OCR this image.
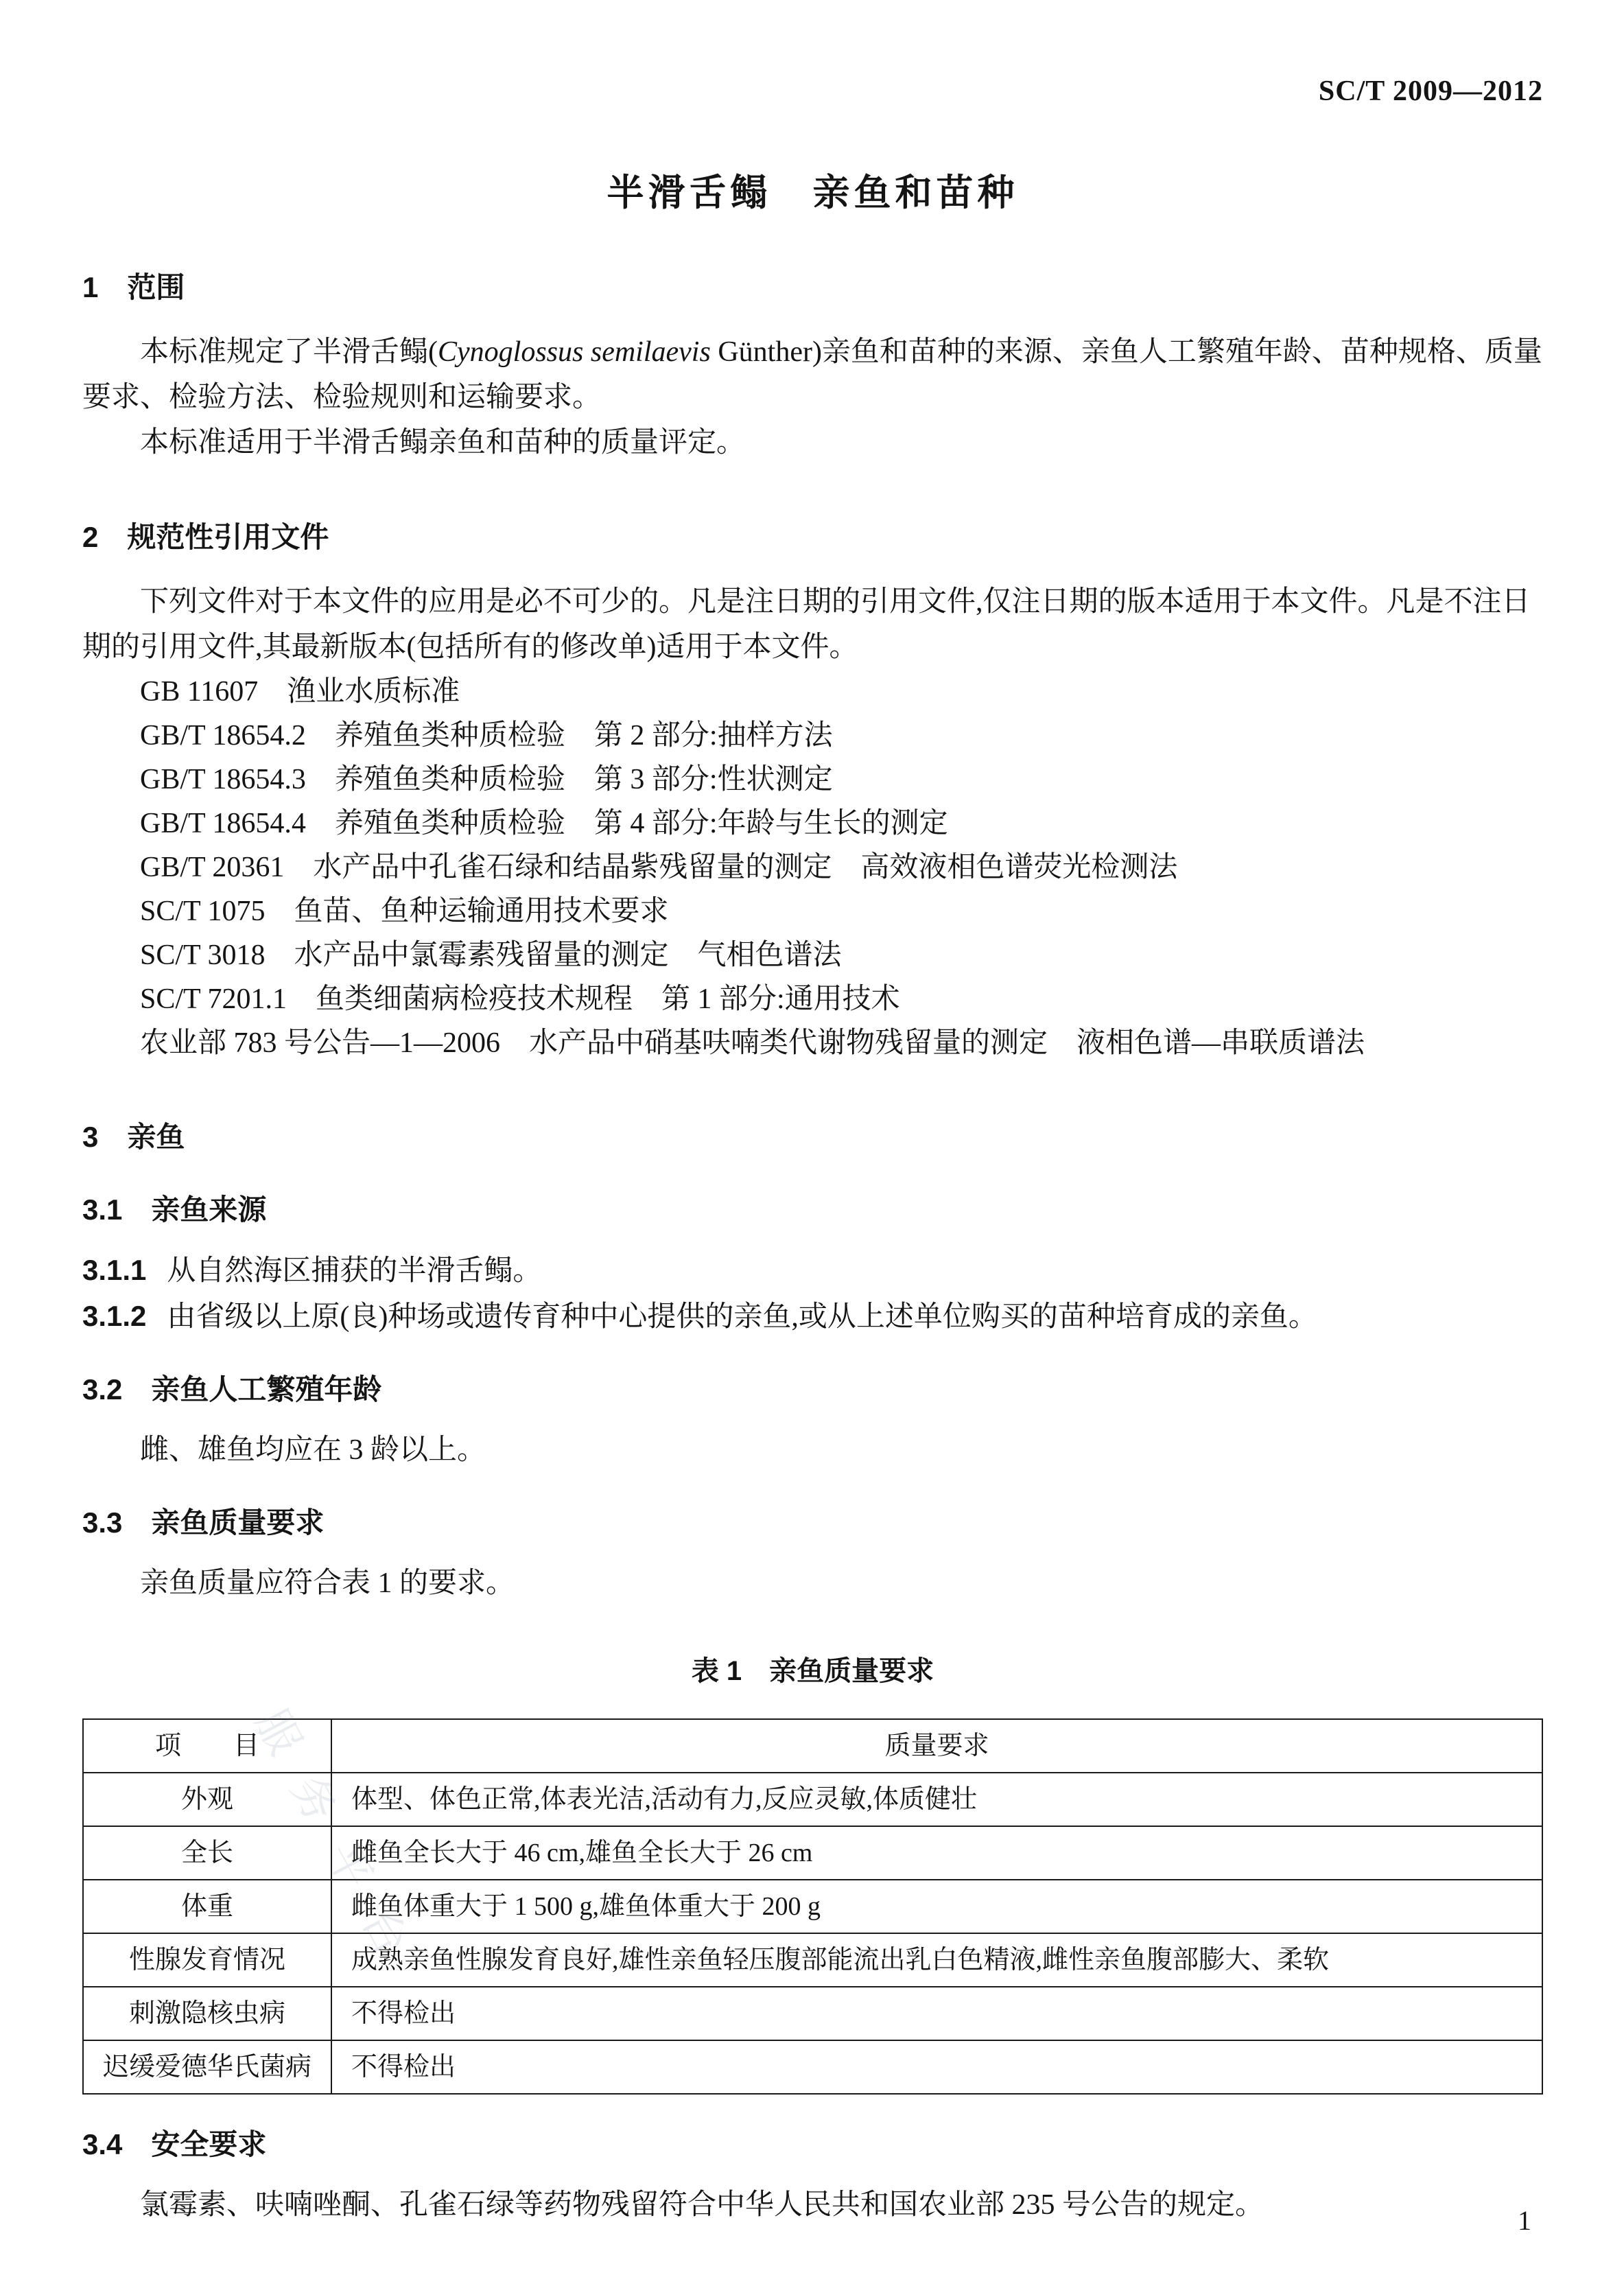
服务平台
SC/T 2009—2012
半滑舌鳎　亲鱼和苗种
1　范围

本标准规定了半滑舌鳎(Cynoglossus semilaevis Günther)亲鱼和苗种的来源、亲鱼人工繁殖年龄、苗种规格、质量要求、检验方法、检验规则和运输要求。

本标准适用于半滑舌鳎亲鱼和苗种的质量评定。

2　规范性引用文件

下列文件对于本文件的应用是必不可少的。凡是注日期的引用文件,仅注日期的版本适用于本文件。凡是不注日期的引用文件,其最新版本(包括所有的修改单)适用于本文件。

GB 11607　渔业水质标准

GB/T 18654.2　养殖鱼类种质检验　第 2 部分:抽样方法

GB/T 18654.3　养殖鱼类种质检验　第 3 部分:性状测定

GB/T 18654.4　养殖鱼类种质检验　第 4 部分:年龄与生长的测定

GB/T 20361　水产品中孔雀石绿和结晶紫残留量的测定　高效液相色谱荧光检测法

SC/T 1075　鱼苗、鱼种运输通用技术要求

SC/T 3018　水产品中氯霉素残留量的测定　气相色谱法

SC/T 7201.1　鱼类细菌病检疫技术规程　第 1 部分:通用技术

农业部 783 号公告—1—2006　水产品中硝基呋喃类代谢物残留量的测定　液相色谱—串联质谱法

3　亲鱼
3.1　亲鱼来源

3.1.1 从自然海区捕获的半滑舌鳎。

3.1.2 由省级以上原(良)种场或遗传育种中心提供的亲鱼,或从上述单位购买的苗种培育成的亲鱼。

3.2　亲鱼人工繁殖年龄

雌、雄鱼均应在 3 龄以上。

3.3　亲鱼质量要求

亲鱼质量应符合表 1 的要求。

表 1　亲鱼质量要求
项　　目	质量要求
外观	体型、体色正常,体表光洁,活动有力,反应灵敏,体质健壮
全长	雌鱼全长大于 46 cm,雄鱼全长大于 26 cm
体重	雌鱼体重大于 1 500 g,雄鱼体重大于 200 g
性腺发育情况	成熟亲鱼性腺发育良好,雄性亲鱼轻压腹部能流出乳白色精液,雌性亲鱼腹部膨大、柔软
刺激隐核虫病	不得检出
迟缓爱德华氏菌病	不得检出
3.4　安全要求

氯霉素、呋喃唑酮、孔雀石绿等药物残留符合中华人民共和国农业部 235 号公告的规定。	1
